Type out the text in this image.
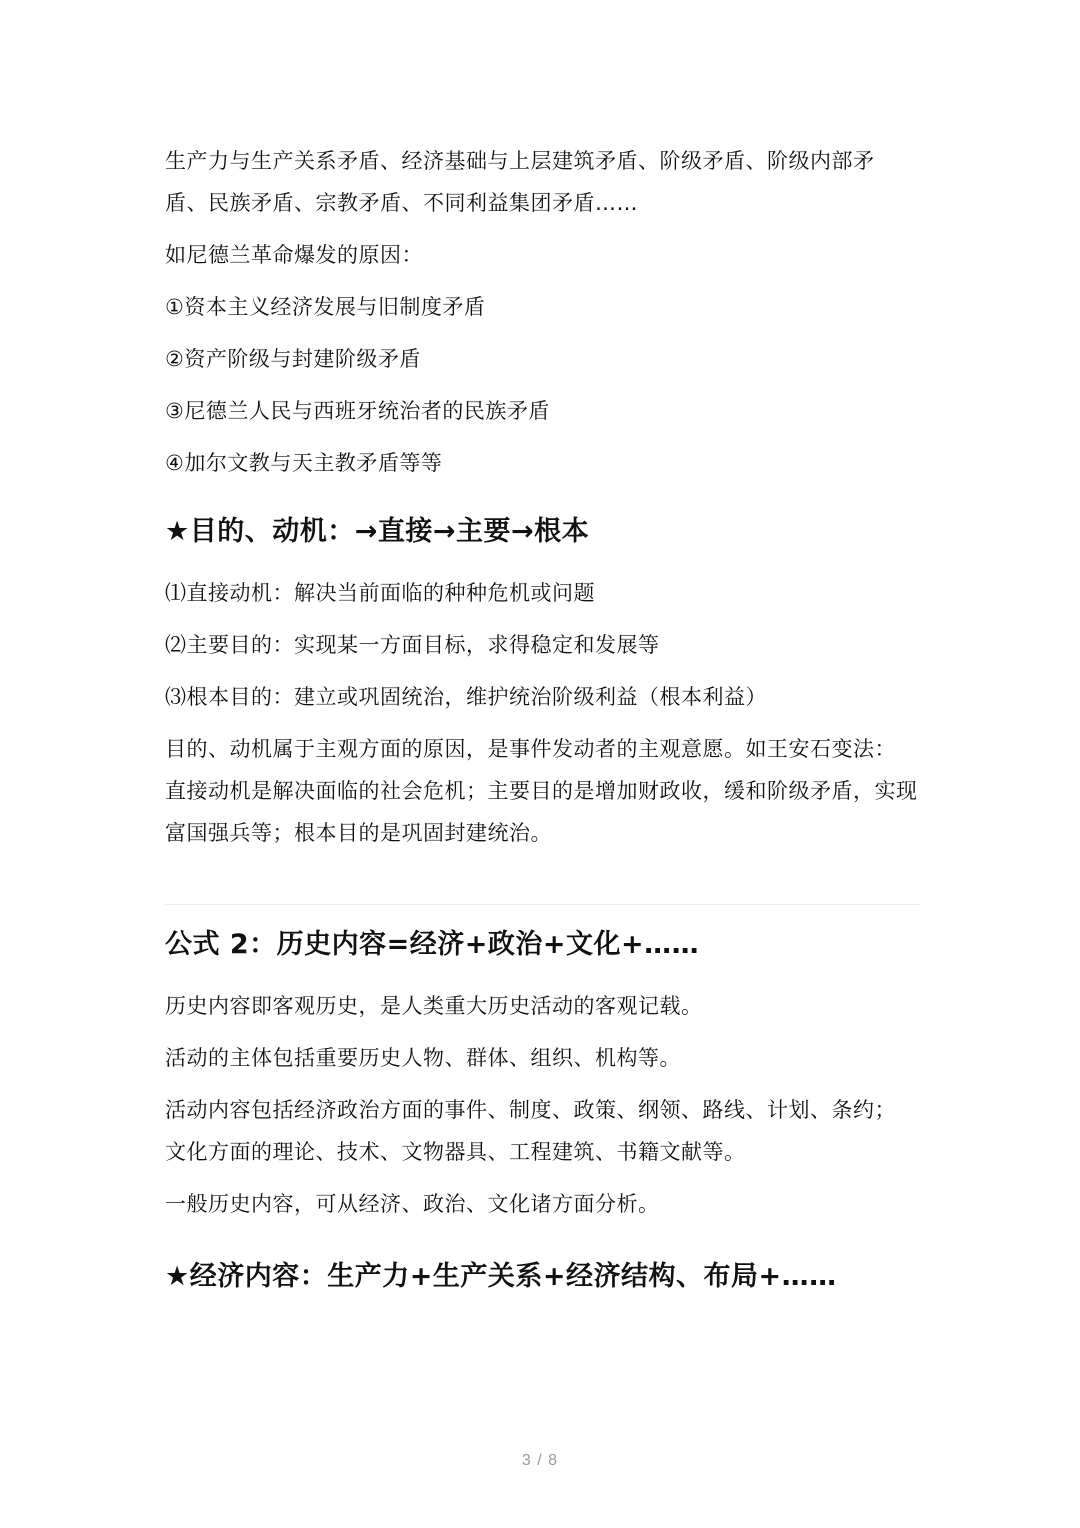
生产力与生产关系矛盾、经济基础与上层建筑矛盾、阶级矛盾、阶级内部矛

盾、民族矛盾、宗教矛盾、不同利益集团矛盾……

如尼德兰革命爆发的原因：

①资本主义经济发展与旧制度矛盾

②资产阶级与封建阶级矛盾

③尼德兰人民与西班牙统治者的民族矛盾

④加尔文教与天主教矛盾等等

★目的、动机：→直接→主要→根本

⑴直接动机：解决当前面临的种种危机或问题

⑵主要目的：实现某一方面目标，求得稳定和发展等

⑶根本目的：建立或巩固统治，维护统治阶级利益（根本利益）

目的、动机属于主观方面的原因，是事件发动者的主观意愿。如王安石变法：

直接动机是解决面临的社会危机；主要目的是增加财政收，缓和阶级矛盾，实现

富国强兵等；根本目的是巩固封建统治。

公式 2：历史内容=经济+政治+文化+……

历史内容即客观历史，是人类重大历史活动的客观记载。

活动的主体包括重要历史人物、群体、组织、机构等。

活动内容包括经济政治方面的事件、制度、政策、纲领、路线、计划、条约；

文化方面的理论、技术、文物器具、工程建筑、书籍文献等。

一般历史内容，可从经济、政治、文化诸方面分析。

★经济内容：生产力+生产关系+经济结构、布局+……
3 / 8
